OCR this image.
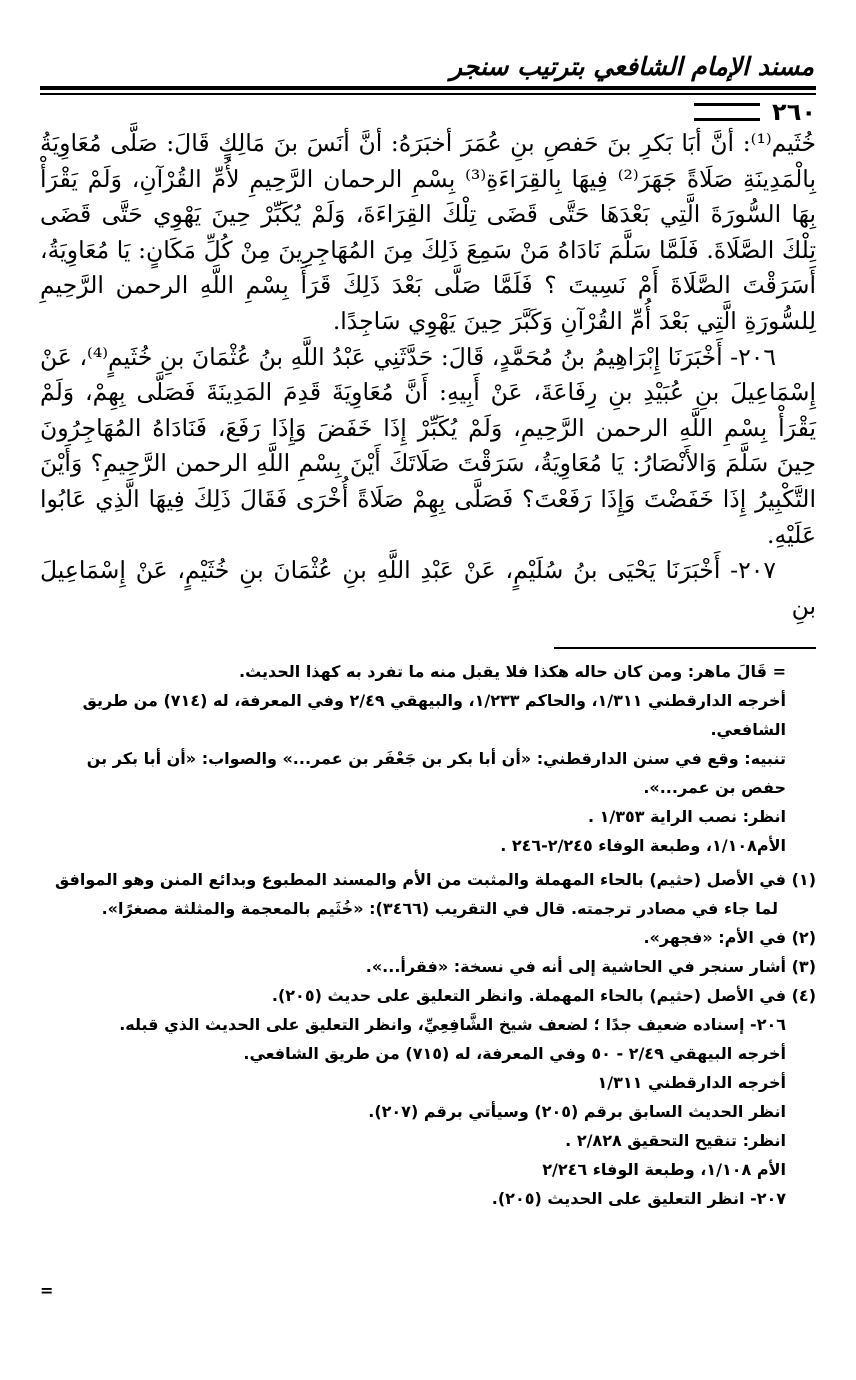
مسند الإمام الشافعي بترتيب سنجر
٢٦٠

خُثَيم⁽¹⁾: أنَّ أبَا بَكرِ بنَ حَفصِ بنِ عُمَرَ أخبَرَهُ: أنَّ أنَسَ بنَ مَالِكٍ قَالَ: صَلَّى مُعَاوِيَةُ بِالْمَدِينَةِ صَلَاةً جَهَرَ⁽²⁾ فِيهَا بِالقِرَاءَةِ⁽³⁾ بِسْمِ الرحمان الرَّحِيمِ لأُمِّ القُرْآنِ، وَلَمْ يَقْرَأْ بِهَا السُّورَةَ الَّتِي بَعْدَهَا حَتَّى قَضَى تِلْكَ القِرَاءَةَ، وَلَمْ يُكَبِّرْ حِينَ يَهْوِي حَتَّى قَضَى تِلْكَ الصَّلَاةَ. فَلَمَّا سَلَّمَ نَادَاهُ مَنْ سَمِعَ ذَلِكَ مِنَ المُهَاجِرِينَ مِنْ كُلِّ مَكَانٍ: يَا مُعَاوِيَةُ، أَسَرَقْتَ الصَّلَاةَ أَمْ نَسِيتَ ؟ فَلَمَّا صَلَّى بَعْدَ ذَلِكَ قَرَأَ بِسْمِ اللَّهِ الرحمن الرَّحِيمِ لِلسُّورَةِ الَّتِي بَعْدَ أُمِّ القُرْآنِ وَكَبَّرَ حِينَ يَهْوِي سَاجِدًا.

٢٠٦- أَخْبَرَنَا إِبْرَاهِيمُ بنُ مُحَمَّدٍ، قَالَ: حَدَّثَنِي عَبْدُ اللَّهِ بنُ عُثْمَانَ بنِ خُثَيمٍ⁽⁴⁾، عَنْ إِسْمَاعِيلَ بنِ عُبَيْدِ بنِ رِفَاعَةَ، عَنْ أَبِيهِ: أَنَّ مُعَاوِيَةَ قَدِمَ المَدِينَةَ فَصَلَّى بِهِمْ، وَلَمْ يَقْرَأْ بِسْمِ اللَّهِ الرحمن الرَّحِيمِ، وَلَمْ يُكَبِّرْ إِذَا خَفَضَ وَإِذَا رَفَعَ، فَنَادَاهُ المُهَاجِرُونَ حِينَ سَلَّمَ وَالأَنْصَارُ: يَا مُعَاوِيَةُ، سَرَقْتَ صَلَاتَكَ أَيْنَ بِسْمِ اللَّهِ الرحمن الرَّحِيمِ؟ وَأَيْنَ التَّكْبِيرُ إِذَا خَفَضْتَ وَإِذَا رَفَعْتَ؟ فَصَلَّى بِهِمْ صَلَاةً أُخْرَى فَقَالَ ذَلِكَ فِيهَا الَّذِي عَابُوا عَلَيْهِ.

٢٠٧- أَخْبَرَنَا يَحْيَى بنُ سُلَيْمٍ، عَنْ عَبْدِ اللَّهِ بنِ عُثْمَانَ بنِ خُثَيْمٍ، عَنْ إِسْمَاعِيلَ بنِ

= قَالَ ماهر: ومن كان حاله هكذا فلا يقبل منه ما تفرد به كهذا الحديث.

أخرجه الدارقطني ١/٣١١، والحاكم ١/٢٣٣، والبيهقي ٢/٤٩ وفي المعرفة، له (٧١٤) من طريق الشافعي.

تنبيه: وقع في سنن الدارقطني: «أن أبا بكر بن جَعْفَر بن عمر...» والصواب: «أن أبا بكر بن حفص بن عمر...».

انظر: نصب الراية ١/٣٥٣ .

الأم١/١٠٨، وطبعة الوفاء ٢/٢٤٥-٢٤٦ .

(١) في الأصل (حثيم) بالحاء المهملة والمثبت من الأم والمسند المطبوع وبدائع المنن وهو الموافق لما جاء في مصادر ترجمته. قال في التقريب (٣٤٦٦): «خُثَيم بالمعجمة والمثلثة مصغرًا».

(٢) في الأم: «فجهر».

(٣) أشار سنجر في الحاشية إلى أنه في نسخة: «فقرأ...».

(٤) في الأصل (حثيم) بالحاء المهملة. وانظر التعليق على حديث (٢٠٥).

٢٠٦- إسناده ضعيف جدًا ؛ لضعف شيخ الشَّافِعِيِّ، وانظر التعليق على الحديث الذي قبله.

أخرجه البيهقي ٢/٤٩ - ٥٠ وفي المعرفة، له (٧١٥) من طريق الشافعي.

أخرجه الدارقطني ١/٣١١

انظر الحديث السابق برقم (٢٠٥) وسيأتي برقم (٢٠٧).

انظر: تنقيح التحقيق ٢/٨٢٨ .

الأم ١/١٠٨، وطبعة الوفاء ٢/٢٤٦

٢٠٧- انظر التعليق على الحديث (٢٠٥).

=
